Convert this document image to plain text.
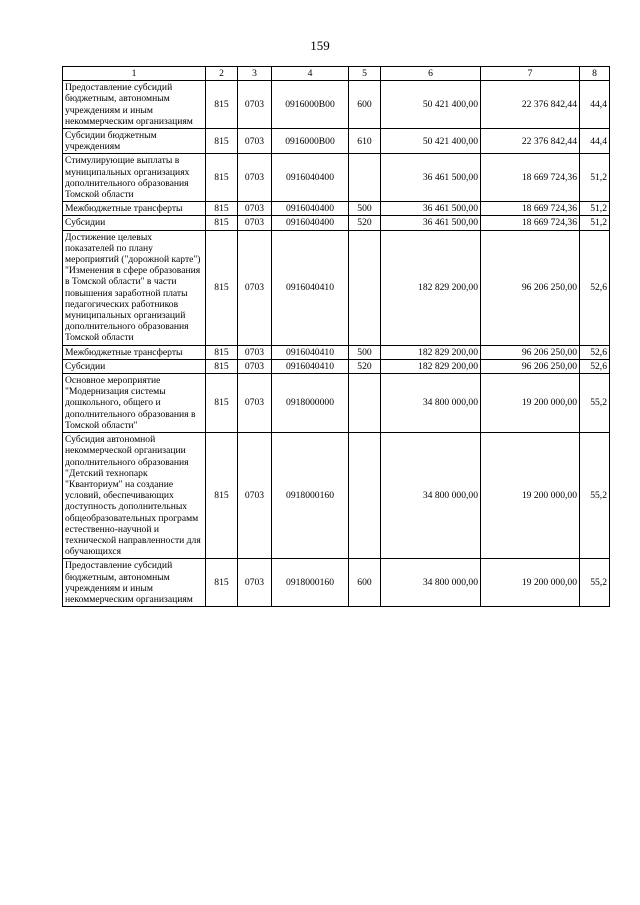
159
1	2	3	4	5	6	7	8
Предоставление субсидий бюджетным, автономным учреждениям и иным некоммерческим организациям	815	0703	0916000В00	600	50 421 400,00	22 376 842,44	44,4
Субсидии бюджетным учреждениям	815	0703	0916000В00	610	50 421 400,00	22 376 842,44	44,4
Стимулирующие выплаты в муниципальных организациях дополнительного образования Томской области	815	0703	0916040400		36 461 500,00	18 669 724,36	51,2
Межбюджетные трансферты	815	0703	0916040400	500	36 461 500,00	18 669 724,36	51,2
Субсидии	815	0703	0916040400	520	36 461 500,00	18 669 724,36	51,2
Достижение целевых показателей по плану мероприятий ("дорожной карте") "Изменения в сфере образования в Томской области" в части повышения заработной платы педагогических работников муниципальных организаций дополнительного образования Томской области	815	0703	0916040410		182 829 200,00	96 206 250,00	52,6
Межбюджетные трансферты	815	0703	0916040410	500	182 829 200,00	96 206 250,00	52,6
Субсидии	815	0703	0916040410	520	182 829 200,00	96 206 250,00	52,6
Основное мероприятие "Модернизация системы дошкольного, общего и дополнительного образования в Томской области"	815	0703	0918000000		34 800 000,00	19 200 000,00	55,2
Субсидия автономной некоммерческой организации дополнительного образования "Детский технопарк "Кванториум" на создание условий, обеспечивающих доступность дополнительных общеобразовательных программ естественно-научной и технической направленности для обучающихся	815	0703	0918000160		34 800 000,00	19 200 000,00	55,2
Предоставление субсидий бюджетным, автономным учреждениям и иным некоммерческим организациям	815	0703	0918000160	600	34 800 000,00	19 200 000,00	55,2
